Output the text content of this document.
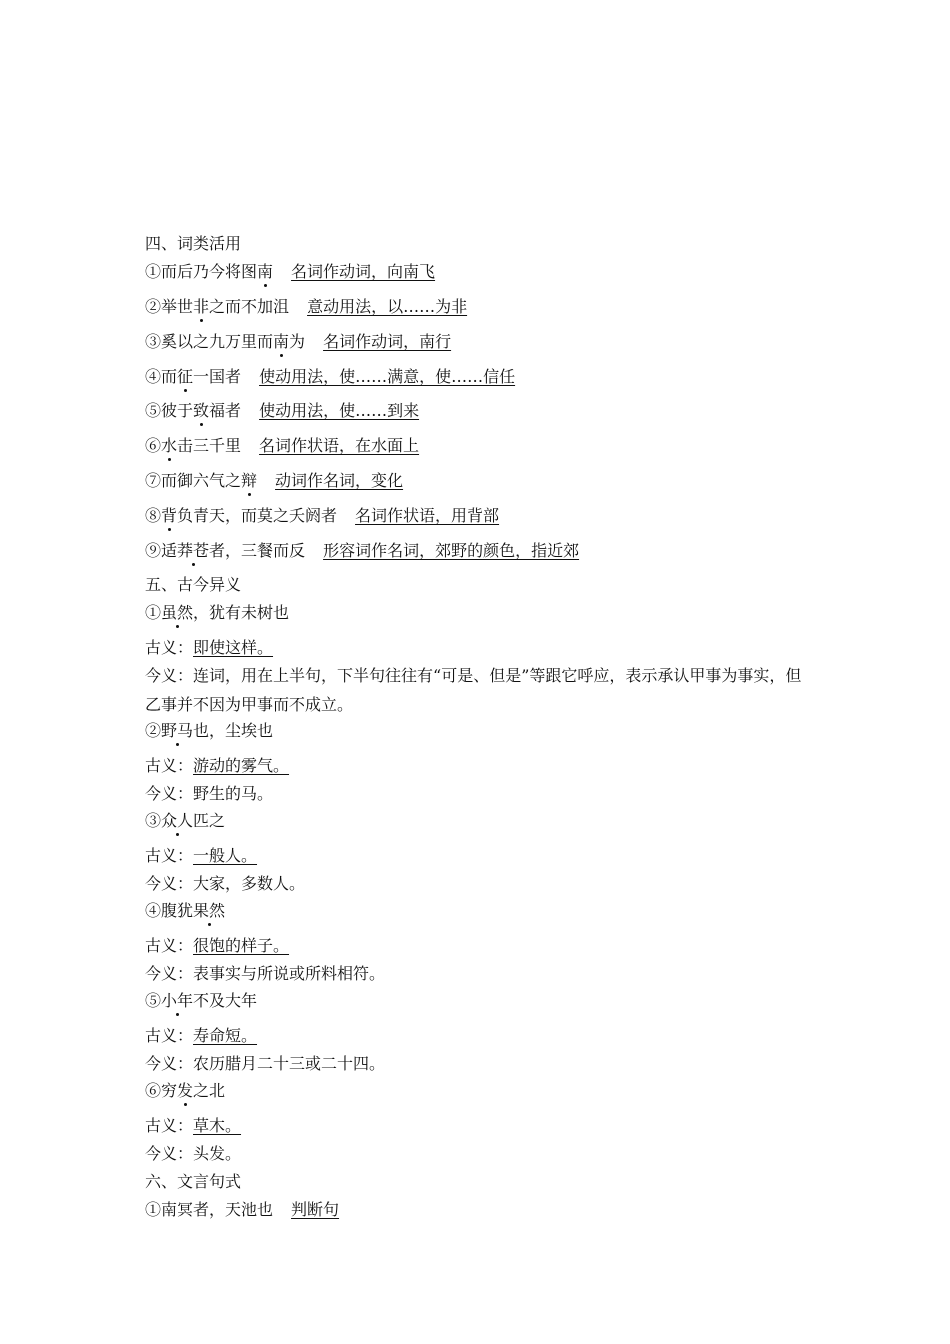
四、词类活用
①而后乃今将图南 名词作动词，向南飞
②举世非之而不加沮 意动用法，以……为非
③奚以之九万里而南为 名词作动词，南行
④而征一国者 使动用法，使……满意，使……信任
⑤彼于致福者 使动用法，使……到来
⑥水击三千里 名词作状语，在水面上
⑦而御六气之辩 动词作名词，变化
⑧背负青天，而莫之夭阏者 名词作状语，用背部
⑨适莽苍者，三餐而反 形容词作名词，郊野的颜色，指近郊
五、古今异义
①虽然，犹有未树也
古义：即使这样。
今义：连词，用在上半句，下半句往往有“可是、但是”等跟它呼应，表示承认甲事为事实，但乙事并不因为甲事而不成立。
②野马也，尘埃也
古义：游动的雾气。
今义：野生的马。
③众人匹之
古义：一般人。
今义：大家，多数人。
④腹犹果然
古义：很饱的样子。
今义：表事实与所说或所料相符。
⑤小年不及大年
古义：寿命短。
今义：农历腊月二十三或二十四。
⑥穷发之北
古义：草木。
今义：头发。
六、文言句式
①南冥者，天池也 判断句
